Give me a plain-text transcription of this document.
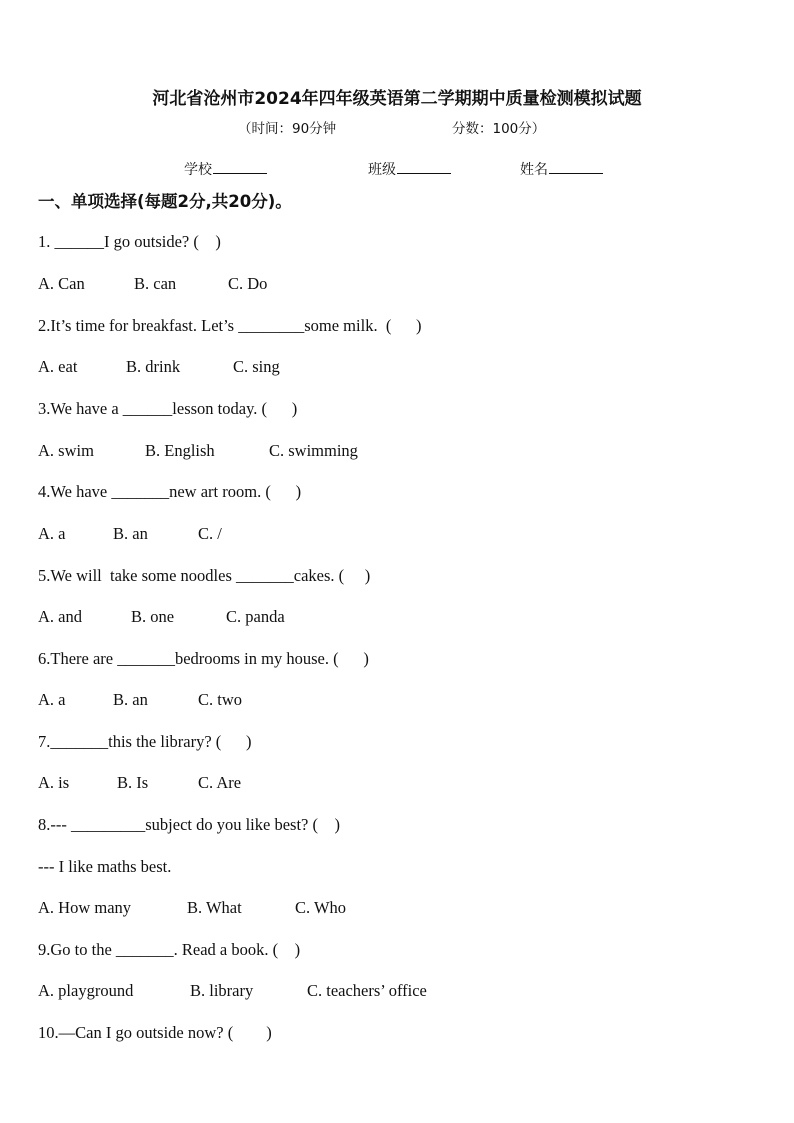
河北省沧州市2024年四年级英语第二学期期中质量检测模拟试题
（时间：90分钟	分数：100分）
学校	班级	姓名
一、单项选择(每题2分,共20分)。
1. ______I go outside? (    )
A. Can	B. can	C. Do
2.It’s time for breakfast. Let’s ________some milk.  (      )
A. eat	B. drink	C. sing
3.We have a ______lesson today. (      )
A. swim	B. English	C. swimming
4.We have _______new art room. (      )
A. a	B. an	C. /
5.We will  take some noodles _______cakes. (     )
A. and	B. one	C. panda
6.There are _______bedrooms in my house. (      )
A. a	B. an	C. two
7._______this the library? (      )
A. is	B. Is	C. Are
8.--- _________subject do you like best? (    )
--- I like maths best.
A. How many	B. What	C. Who
9.Go to the _______. Read a book. (    )
A. playground	B. library	C. teachers’ office
10.—Can I go outside now? (        )
